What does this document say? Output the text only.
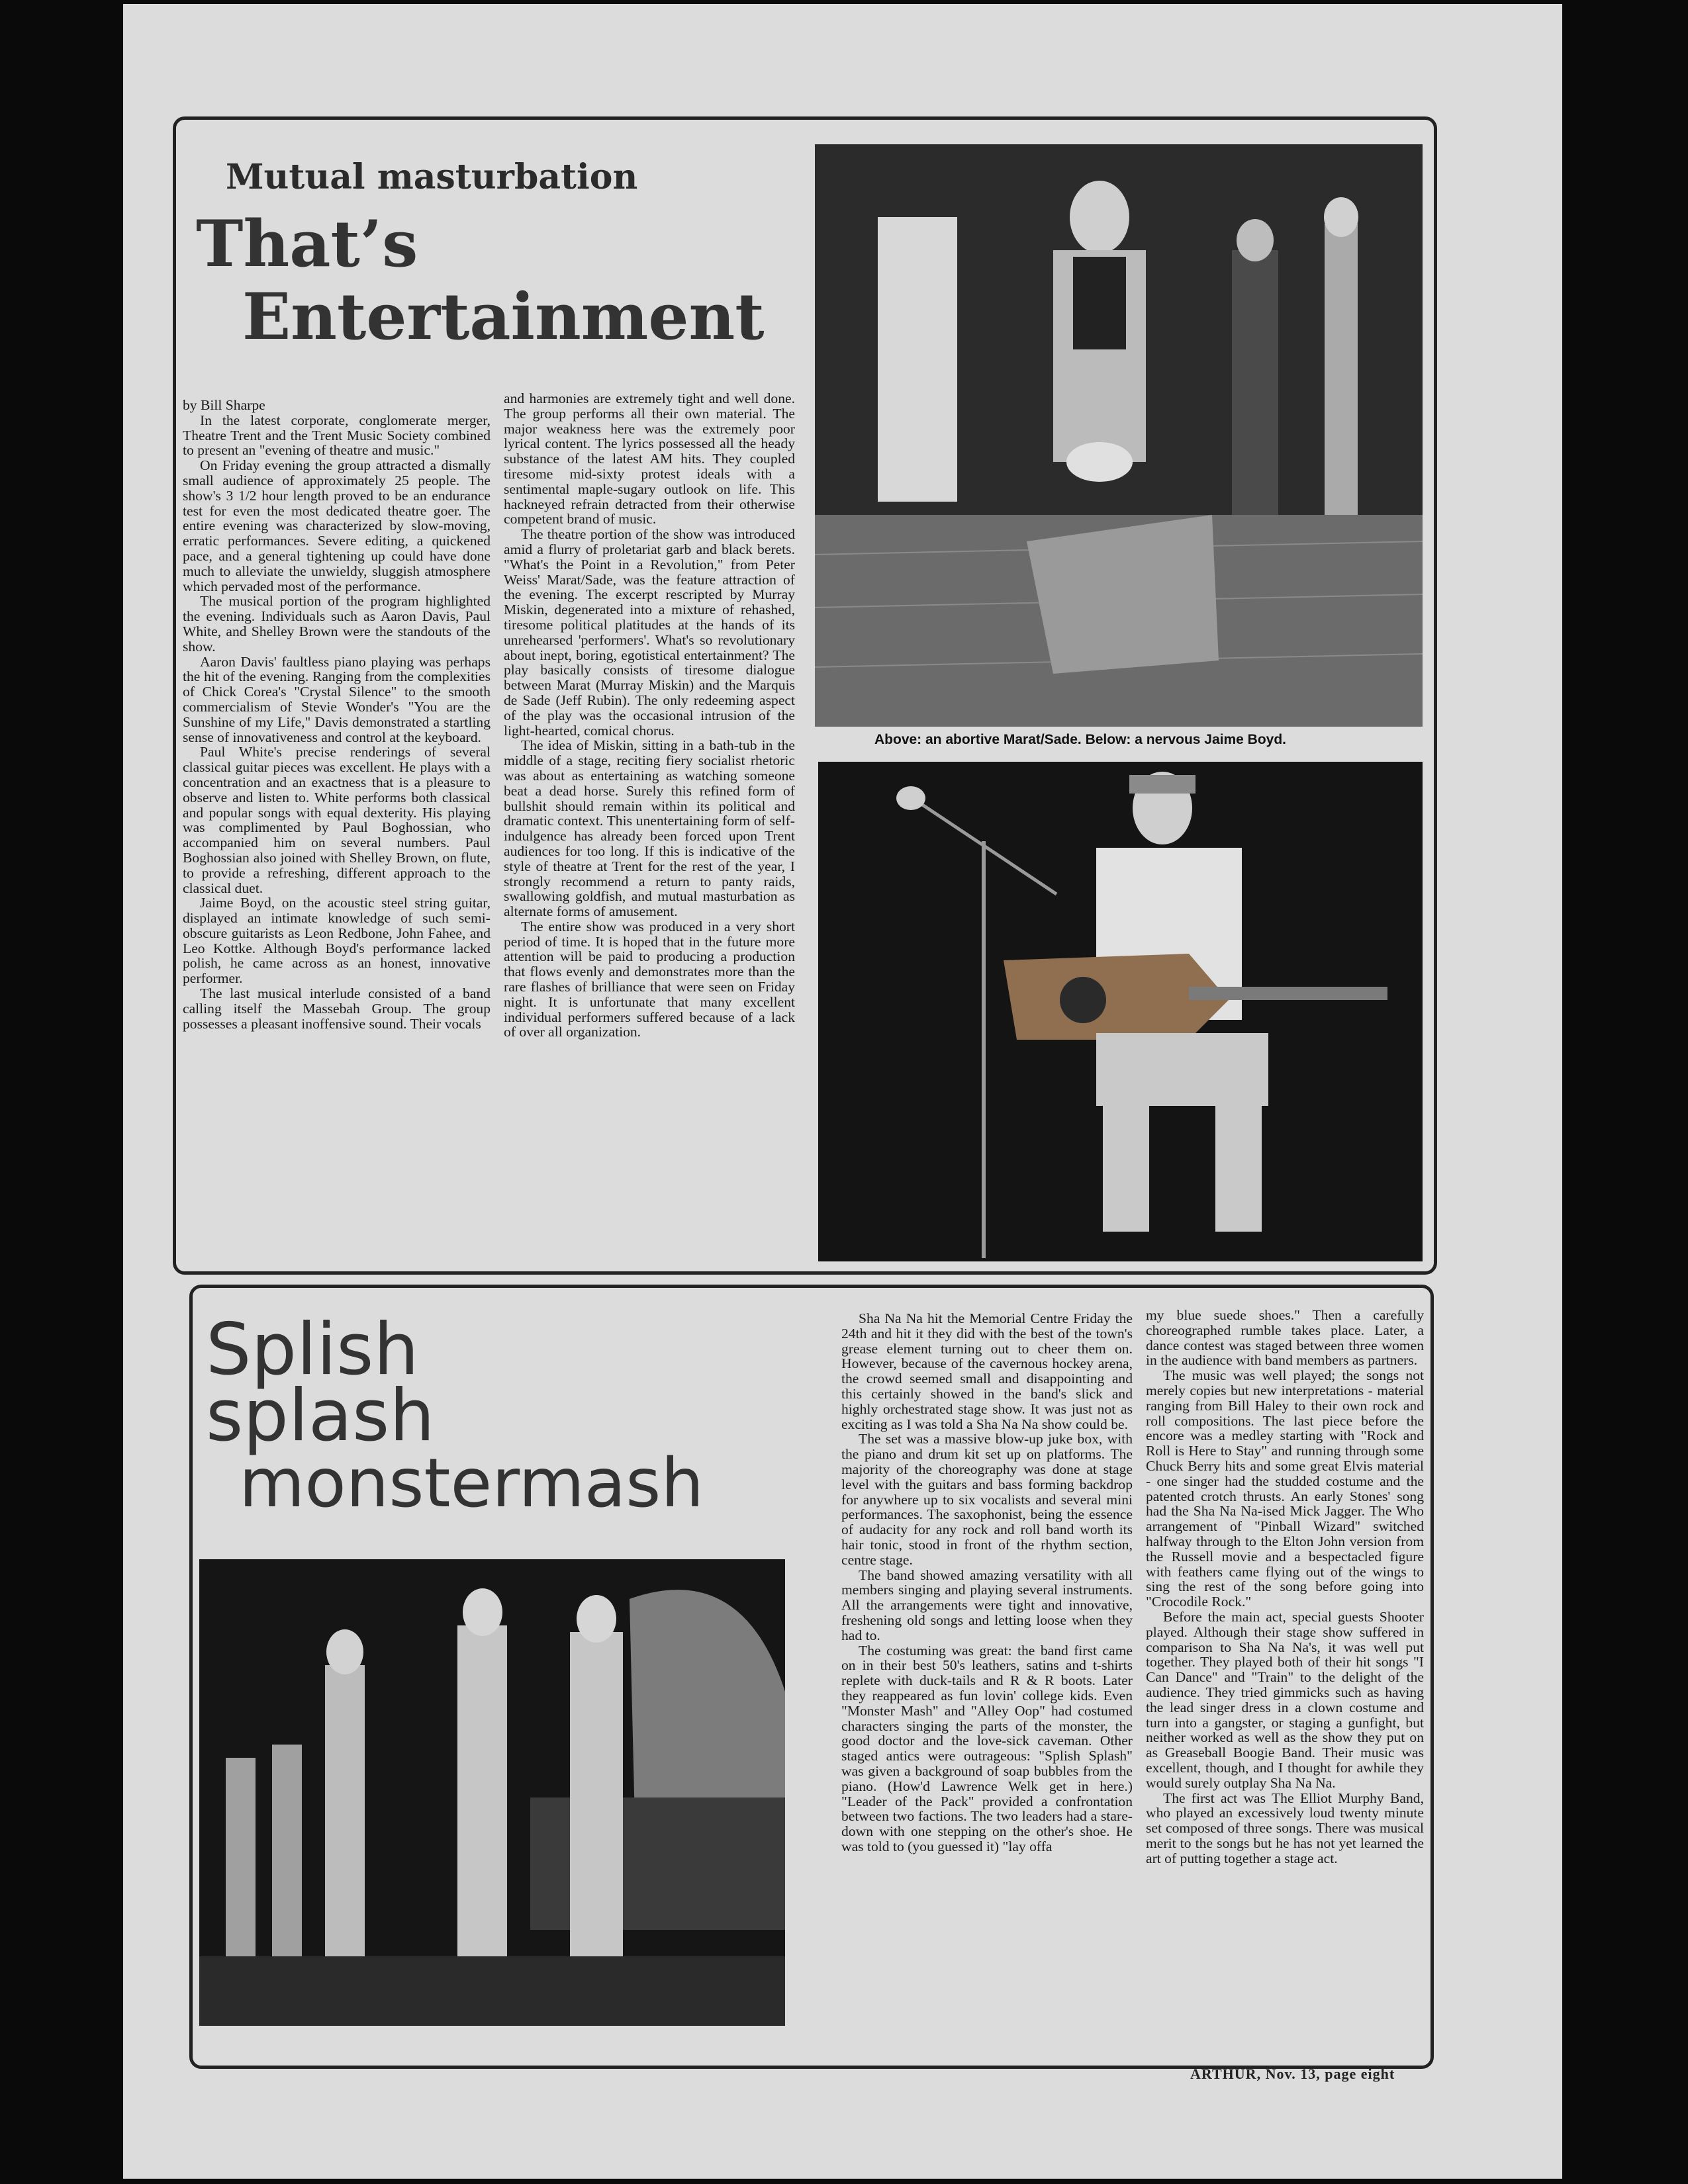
Mutual masturbation
That’s
Entertainment

by Bill Sharpe

In the latest corporate, conglomerate merger, Theatre Trent and the Trent Music Society combined to present an "evening of theatre and music."

On Friday evening the group attracted a dismally small audience of approximately 25 people. The show's 3 1/2 hour length proved to be an endurance test for even the most dedicated theatre goer. The entire evening was characterized by slow-moving, erratic performances. Severe editing, a quickened pace, and a general tightening up could have done much to alleviate the unwieldy, sluggish atmosphere which pervaded most of the performance.

The musical portion of the program highlighted the evening. Individuals such as Aaron Davis, Paul White, and Shelley Brown were the standouts of the show.

Aaron Davis' faultless piano playing was perhaps the hit of the evening. Ranging from the complexities of Chick Corea's "Crystal Silence" to the smooth commercialism of Stevie Wonder's "You are the Sunshine of my Life," Davis demonstrated a startling sense of innovativeness and control at the keyboard.

Paul White's precise renderings of several classical guitar pieces was excellent. He plays with a concentration and an exactness that is a pleasure to observe and listen to. White performs both classical and popular songs with equal dexterity. His playing was complimented by Paul Boghossian, who accompanied him on several numbers. Paul Boghossian also joined with Shelley Brown, on flute, to provide a refreshing, different approach to the classical duet.

Jaime Boyd, on the acoustic steel string guitar, displayed an intimate knowledge of such semi-obscure guitarists as Leon Redbone, John Fahee, and Leo Kottke. Although Boyd's performance lacked polish, he came across as an honest, innovative performer.

The last musical interlude consisted of a band calling itself the Massebah Group. The group possesses a pleasant inoffensive sound. Their vocals

and harmonies are extremely tight and well done. The group performs all their own material. The major weakness here was the extremely poor lyrical content. The lyrics possessed all the heady substance of the latest AM hits. They coupled tiresome mid-sixty protest ideals with a sentimental maple-sugary outlook on life. This hackneyed refrain detracted from their otherwise competent brand of music.

The theatre portion of the show was introduced amid a flurry of proletariat garb and black berets. "What's the Point in a Revolution," from Peter Weiss' Marat/Sade, was the feature attraction of the evening. The excerpt rescripted by Murray Miskin, degenerated into a mixture of rehashed, tiresome political platitudes at the hands of its unrehearsed 'performers'. What's so revolutionary about inept, boring, egotistical entertainment? The play basically consists of tiresome dialogue between Marat (Murray Miskin) and the Marquis de Sade (Jeff Rubin). The only redeeming aspect of the play was the occasional intrusion of the light-hearted, comical chorus.

The idea of Miskin, sitting in a bath-tub in the middle of a stage, reciting fiery socialist rhetoric was about as entertaining as watching someone beat a dead horse. Surely this refined form of bullshit should remain within its political and dramatic context. This unentertaining form of self-indulgence has already been forced upon Trent audiences for too long. If this is indicative of the style of theatre at Trent for the rest of the year, I strongly recommend a return to panty raids, swallowing goldfish, and mutual masturbation as alternate forms of amusement.

The entire show was produced in a very short period of time. It is hoped that in the future more attention will be paid to producing a production that flows evenly and demonstrates more than the rare flashes of brilliance that were seen on Friday night. It is unfortunate that many excellent individual performers suffered because of a lack of over all organization.

Above: an abortive Marat/Sade. Below: a nervous Jaime Boyd.
Splish
splash
monstermash

Sha Na Na hit the Memorial Centre Friday the 24th and hit it they did with the best of the town's grease element turning out to cheer them on. However, because of the cavernous hockey arena, the crowd seemed small and disappointing and this certainly showed in the band's slick and highly orchestrated stage show. It was just not as exciting as I was told a Sha Na Na show could be.

The set was a massive blow-up juke box, with the piano and drum kit set up on platforms. The majority of the choreography was done at stage level with the guitars and bass forming backdrop for anywhere up to six vocalists and several mini performances. The saxophonist, being the essence of audacity for any rock and roll band worth its hair tonic, stood in front of the rhythm section, centre stage.

The band showed amazing versatility with all members singing and playing several instruments. All the arrangements were tight and innovative, freshening old songs and letting loose when they had to.

The costuming was great: the band first came on in their best 50's leathers, satins and t-shirts replete with duck-tails and R & R boots. Later they reappeared as fun lovin' college kids. Even "Monster Mash" and "Alley Oop" had costumed characters singing the parts of the monster, the good doctor and the love-sick caveman. Other staged antics were outrageous: "Splish Splash" was given a background of soap bubbles from the piano. (How'd Lawrence Welk get in here.) "Leader of the Pack" provided a confrontation between two factions. The two leaders had a stare-down with one stepping on the other's shoe. He was told to (you guessed it) "lay offa

my blue suede shoes." Then a carefully choreographed rumble takes place. Later, a dance contest was staged between three women in the audience with band members as partners.

The music was well played; the songs not merely copies but new interpretations - material ranging from Bill Haley to their own rock and roll compositions. The last piece before the encore was a medley starting with "Rock and Roll is Here to Stay" and running through some Chuck Berry hits and some great Elvis material - one singer had the studded costume and the patented crotch thrusts. An early Stones' song had the Sha Na Na-ised Mick Jagger. The Who arrangement of "Pinball Wizard" switched halfway through to the Elton John version from the Russell movie and a bespectacled figure with feathers came flying out of the wings to sing the rest of the song before going into "Crocodile Rock."

Before the main act, special guests Shooter played. Although their stage show suffered in comparison to Sha Na Na's, it was well put together. They played both of their hit songs "I Can Dance" and "Train" to the delight of the audience. They tried gimmicks such as having the lead singer dress in a clown costume and turn into a gangster, or staging a gunfight, but neither worked as well as the show they put on as Greaseball Boogie Band. Their music was excellent, though, and I thought for awhile they would surely outplay Sha Na Na.

The first act was The Elliot Murphy Band, who played an excessively loud twenty minute set composed of three songs. There was musical merit to the songs but he has not yet learned the art of putting together a stage act.

ARTHUR, Nov. 13, page eight
